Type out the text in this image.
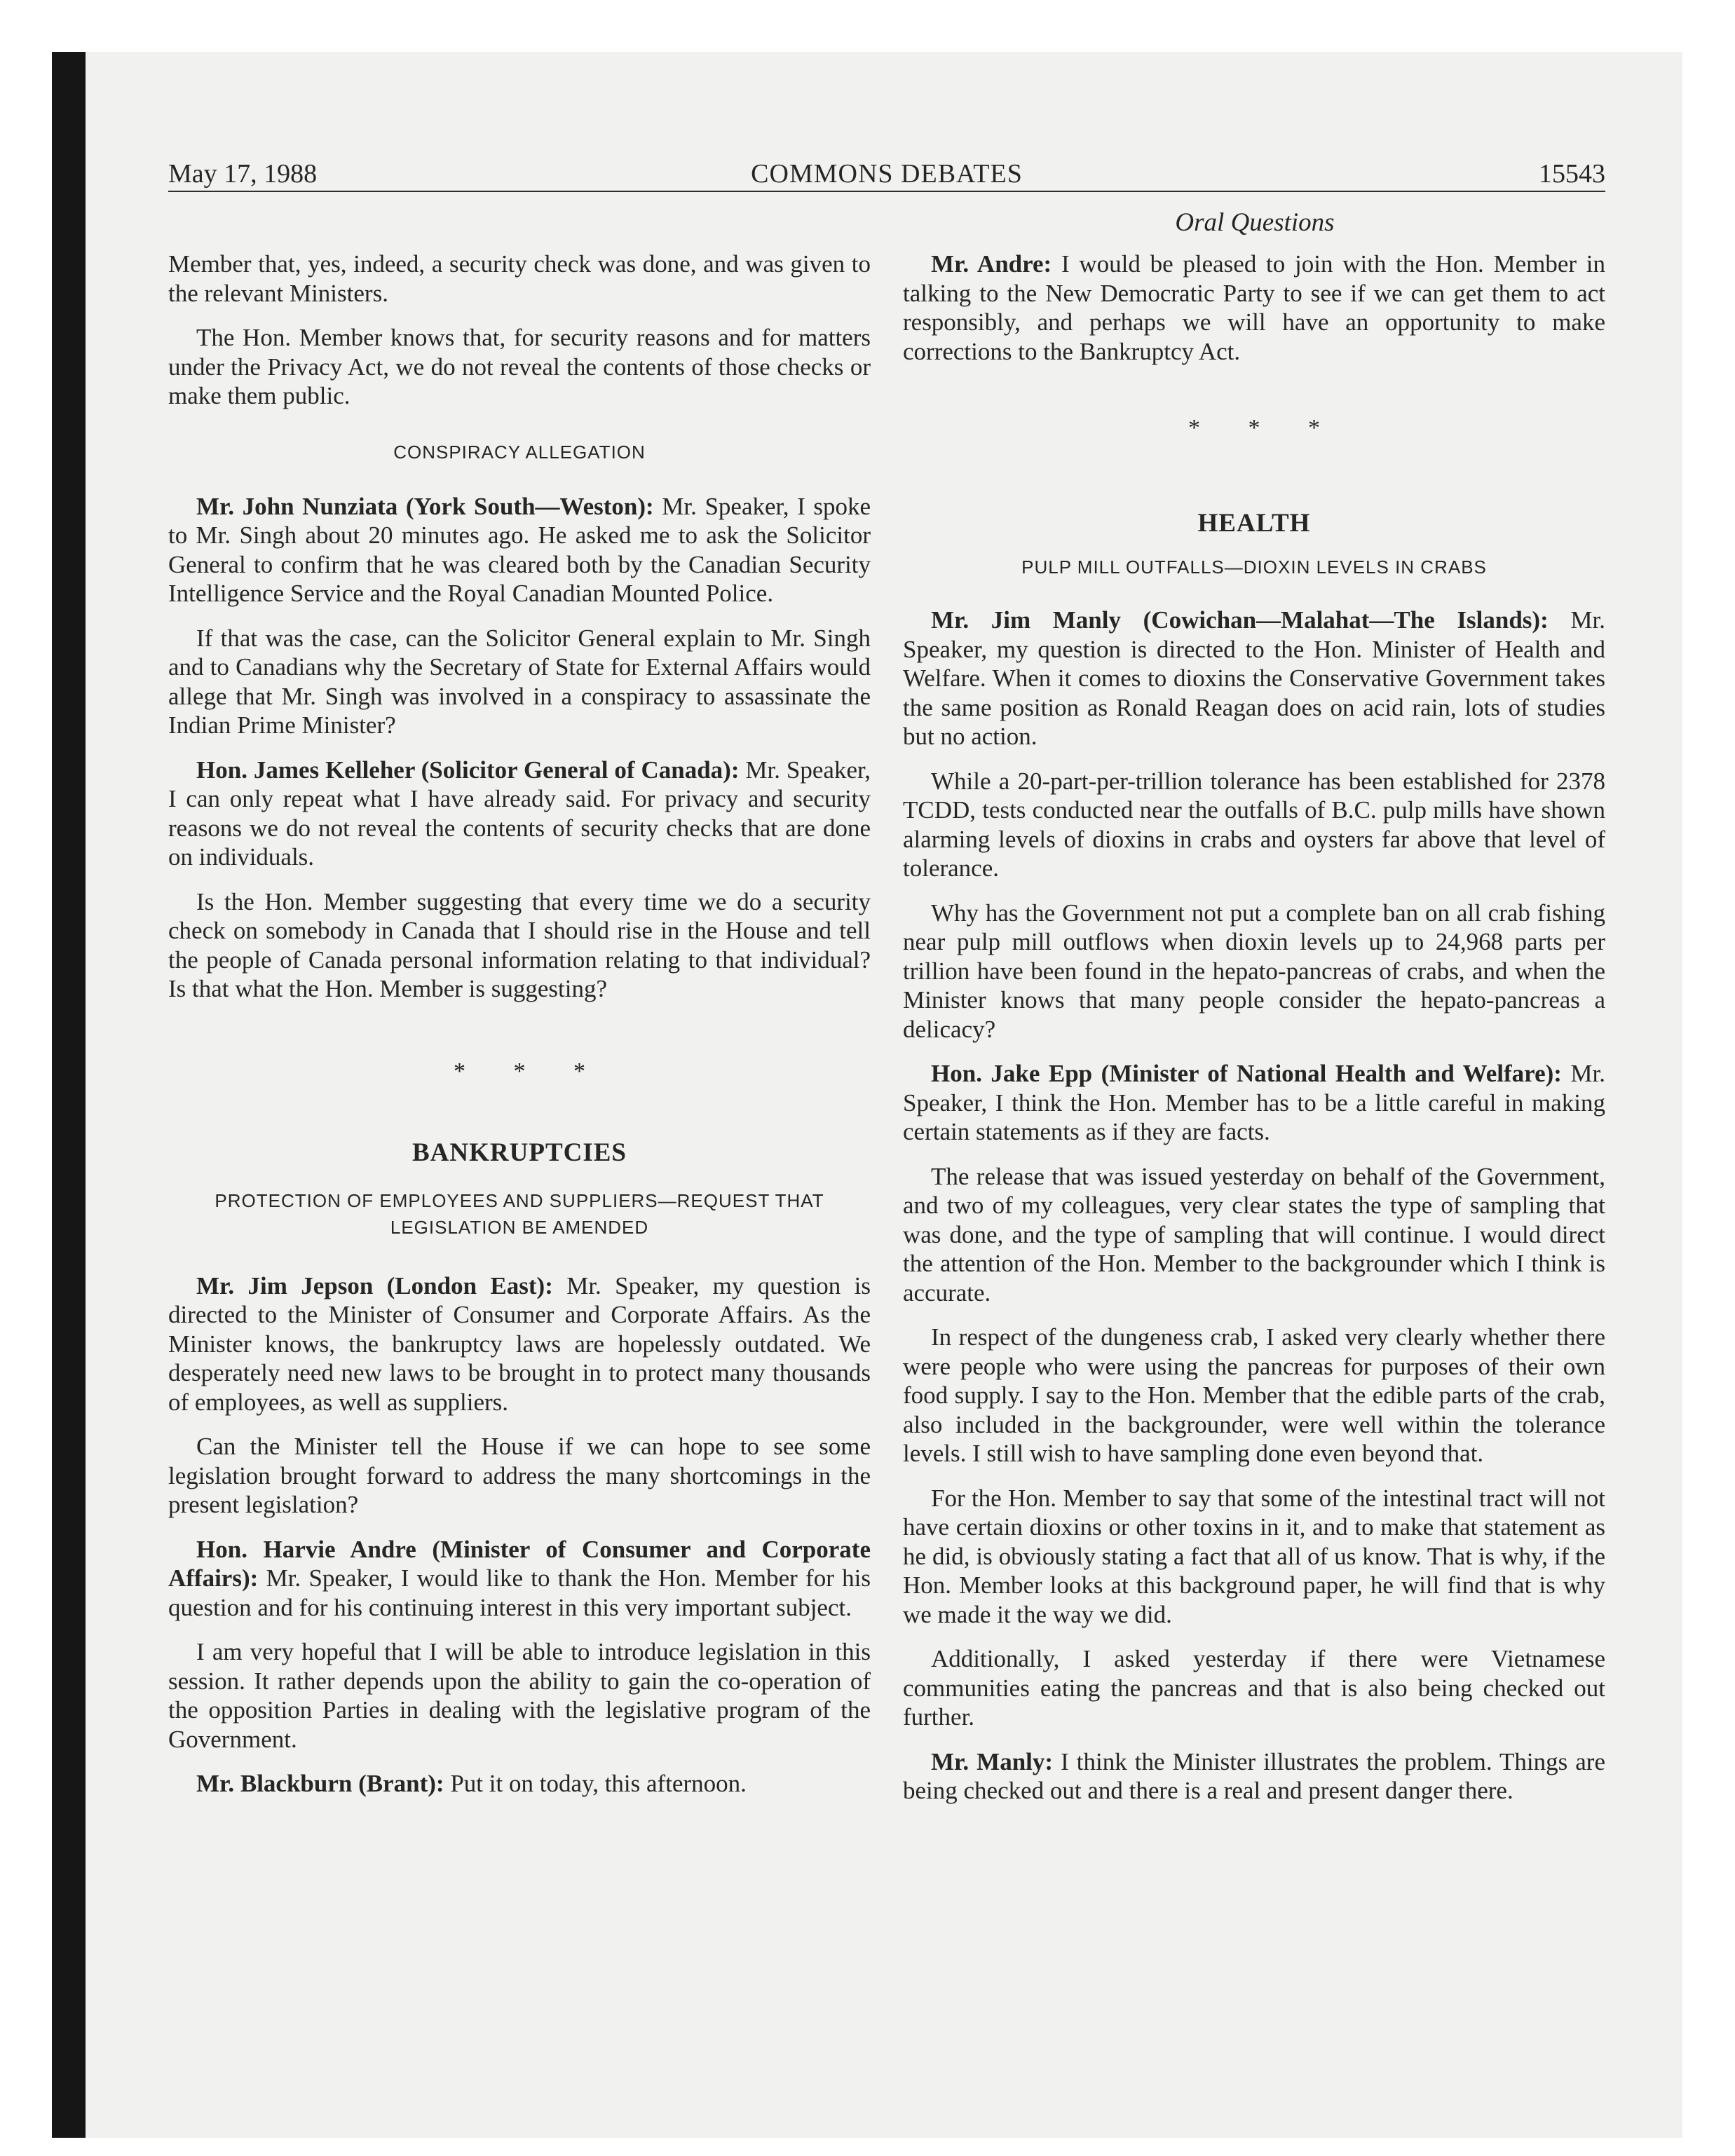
May 17, 1988	COMMONS DEBATES	15543
Oral Questions

Member that, yes, indeed, a security check was done, and was given to the relevant Ministers.

The Hon. Member knows that, for security reasons and for matters under the Privacy Act, we do not reveal the contents of those checks or make them public.

CONSPIRACY ALLEGATION

Mr. John Nunziata (York South—Weston): Mr. Speaker, I spoke to Mr. Singh about 20 minutes ago. He asked me to ask the Solicitor General to confirm that he was cleared both by the Canadian Security Intelligence Service and the Royal Canadian Mounted Police.

If that was the case, can the Solicitor General explain to Mr. Singh and to Canadians why the Secretary of State for External Affairs would allege that Mr. Singh was involved in a conspiracy to assassinate the Indian Prime Minister?

Hon. James Kelleher (Solicitor General of Canada): Mr. Speaker, I can only repeat what I have already said. For privacy and security reasons we do not reveal the contents of security checks that are done on individuals.

Is the Hon. Member suggesting that every time we do a security check on somebody in Canada that I should rise in the House and tell the people of Canada personal information relating to that individual? Is that what the Hon. Member is suggesting?

* * *
BANKRUPTCIES
PROTECTION OF EMPLOYEES AND SUPPLIERS—REQUEST THAT LEGISLATION BE AMENDED

Mr. Jim Jepson (London East): Mr. Speaker, my question is directed to the Minister of Consumer and Corporate Affairs. As the Minister knows, the bankruptcy laws are hopelessly outdated. We desperately need new laws to be brought in to protect many thousands of employees, as well as suppliers.

Can the Minister tell the House if we can hope to see some legislation brought forward to address the many shortcomings in the present legislation?

Hon. Harvie Andre (Minister of Consumer and Corporate Affairs): Mr. Speaker, I would like to thank the Hon. Member for his question and for his continuing interest in this very important subject.

I am very hopeful that I will be able to introduce legislation in this session. It rather depends upon the ability to gain the co-operation of the opposition Parties in dealing with the legislative program of the Government.

Mr. Blackburn (Brant): Put it on today, this afternoon.

Mr. Andre: I would be pleased to join with the Hon. Member in talking to the New Democratic Party to see if we can get them to act responsibly, and perhaps we will have an opportunity to make corrections to the Bankruptcy Act.

* * *
HEALTH
PULP MILL OUTFALLS—DIOXIN LEVELS IN CRABS

Mr. Jim Manly (Cowichan—Malahat—The Islands): Mr. Speaker, my question is directed to the Hon. Minister of Health and Welfare. When it comes to dioxins the Conservative Government takes the same position as Ronald Reagan does on acid rain, lots of studies but no action.

While a 20-part-per-trillion tolerance has been established for 2378 TCDD, tests conducted near the outfalls of B.C. pulp mills have shown alarming levels of dioxins in crabs and oysters far above that level of tolerance.

Why has the Government not put a complete ban on all crab fishing near pulp mill outflows when dioxin levels up to 24,968 parts per trillion have been found in the hepato-pancreas of crabs, and when the Minister knows that many people consider the hepato-pancreas a delicacy?

Hon. Jake Epp (Minister of National Health and Welfare): Mr. Speaker, I think the Hon. Member has to be a little careful in making certain statements as if they are facts.

The release that was issued yesterday on behalf of the Government, and two of my colleagues, very clear states the type of sampling that was done, and the type of sampling that will continue. I would direct the attention of the Hon. Member to the backgrounder which I think is accurate.

In respect of the dungeness crab, I asked very clearly whether there were people who were using the pancreas for purposes of their own food supply. I say to the Hon. Member that the edible parts of the crab, also included in the backgrounder, were well within the tolerance levels. I still wish to have sampling done even beyond that.

For the Hon. Member to say that some of the intestinal tract will not have certain dioxins or other toxins in it, and to make that statement as he did, is obviously stating a fact that all of us know. That is why, if the Hon. Member looks at this background paper, he will find that is why we made it the way we did.

Additionally, I asked yesterday if there were Vietnamese communities eating the pancreas and that is also being checked out further.

Mr. Manly: I think the Minister illustrates the problem. Things are being checked out and there is a real and present danger there.
